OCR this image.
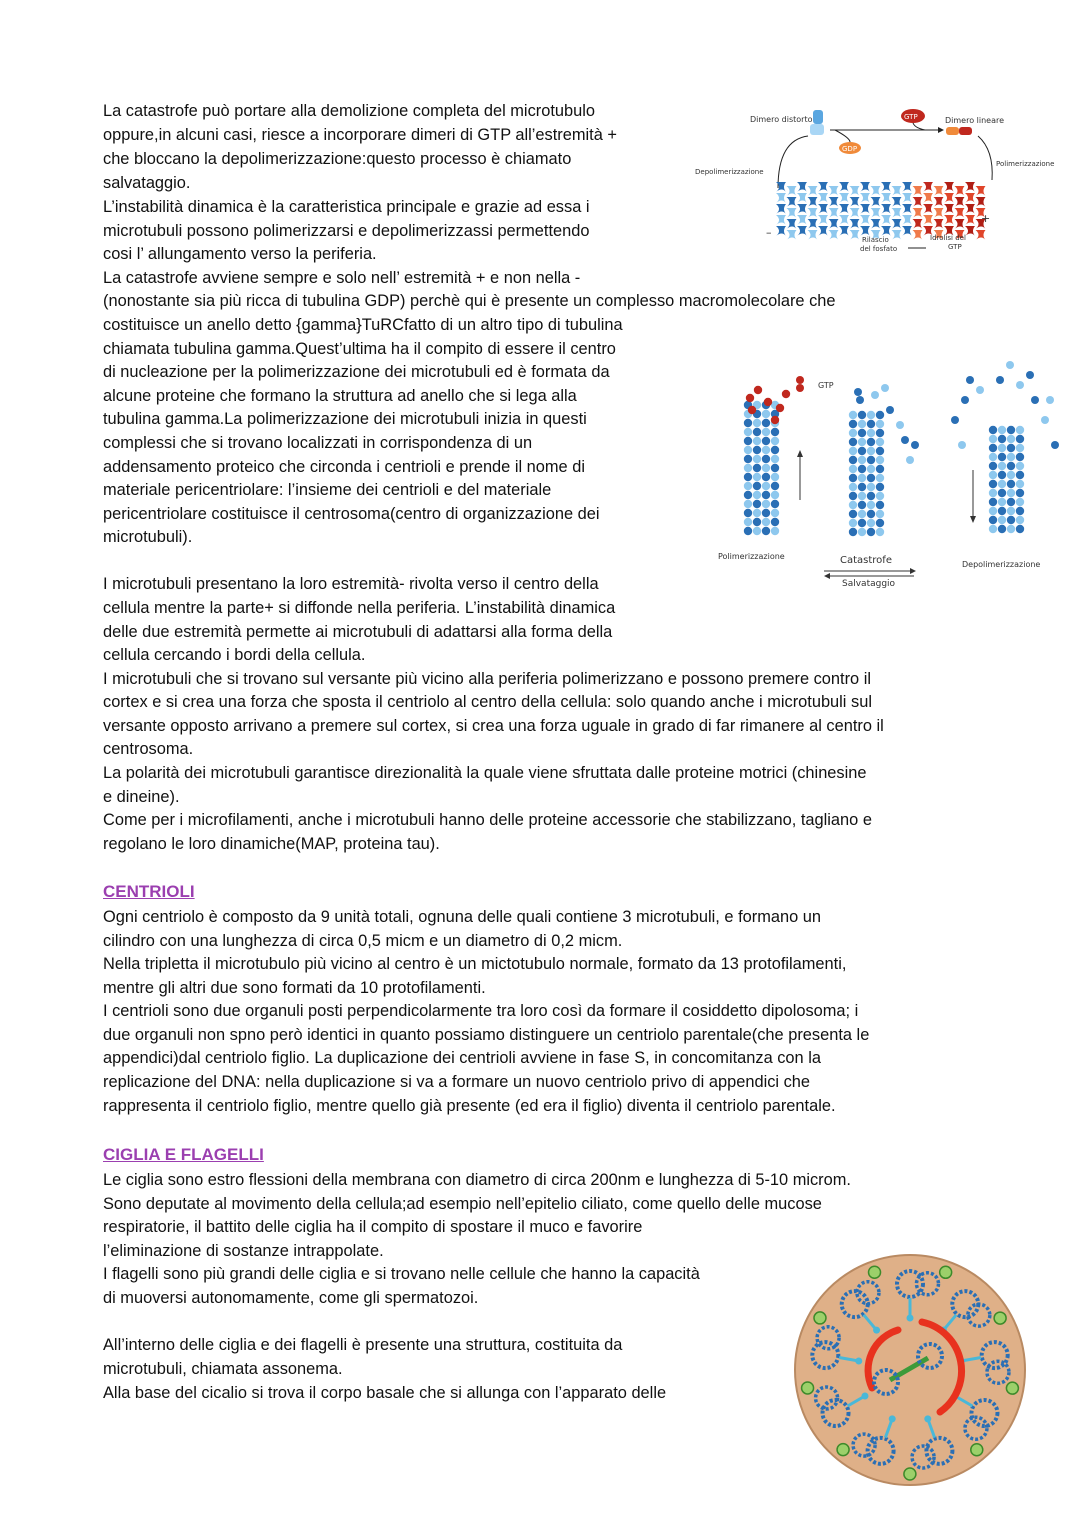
La catastrofe può portare alla demolizione completa del microtubulo
oppure,in alcuni casi, riesce a incorporare dimeri di GTP all’estremità +
che bloccano la depolimerizzazione:questo processo è chiamato
salvataggio.
L’instabilità dinamica è la caratteristica principale e grazie ad essa i
microtubuli possono polimerizzarsi e depolimerizzassi permettendo
cosi l’ allungamento verso la periferia.
La catastrofe avviene sempre e solo nell’ estremità + e non nella -
(nonostante sia più ricca di tubulina GDP) perchè qui è presente un complesso macromolecolare che
costituisce un anello detto {gamma}TuRCfatto di un altro tipo di tubulina
chiamata tubulina gamma.Quest’ultima ha il compito di essere il centro
di nucleazione per la polimerizzazione dei microtubuli ed è formata da
alcune proteine che formano la struttura ad anello che si lega alla
tubulina gamma.La polimerizzazione dei microtubuli inizia in questi
complessi che si trovano localizzati in corrispondenza di un
addensamento proteico che circonda i centrioli e prende il nome di
materiale pericentriolare: l’insieme dei centrioli e del materiale
pericentriolare costituisce il centrosoma(centro di organizzazione dei
microtubuli).
I microtubuli presentano la loro estremità- rivolta verso il centro della
cellula mentre la parte+ si diffonde nella periferia. L’instabilità dinamica
delle due estremità permette ai microtubuli di adattarsi alla forma della
cellula cercando i bordi della cellula.
I microtubuli che si trovano sul versante più vicino alla periferia polimerizzano e possono premere contro il
cortex e si crea una forza che sposta il centriolo al centro della cellula: solo quando anche i microtubuli sul
versante opposto arrivano a premere sul cortex, si crea una forza uguale in grado di far rimanere al centro il
centrosoma.
La polarità dei microtubuli garantisce direzionalità la quale viene sfruttata dalle proteine motrici (chinesine
e dineine).
Come per i microfilamenti, anche i microtubuli hanno delle proteine accessorie che stabilizzano, tagliano e
regolano le loro dinamiche(MAP, proteina tau).
CENTRIOLI
Ogni centriolo è composto da 9 unità totali, ognuna delle quali contiene 3 microtubuli, e formano un
cilindro con una lunghezza di circa 0,5 micm e un diametro di 0,2 micm.
Nella tripletta il microtubulo più vicino al centro è un mictotubulo normale, formato da 13 protofilamenti,
mentre gli altri due sono formati da 10 protofilamenti.
I centrioli sono due organuli posti perpendicolarmente tra loro così da formare il cosiddetto dipolosoma; i
due organuli non spno però identici in quanto possiamo distinguere un centriolo parentale(che presenta le
appendici)dal centriolo figlio. La duplicazione dei centrioli avviene in fase S, in concomitanza con la
replicazione del DNA: nella duplicazione si va a formare un nuovo centriolo privo di appendici che
rappresenta il centriolo figlio, mentre quello già presente (ed era il figlio) diventa il centriolo parentale.
CIGLIA E FLAGELLI
Le ciglia sono estro flessioni della membrana con diametro di circa 200nm e lunghezza di 5-10 microm.
Sono deputate al movimento della cellula;ad esempio nell’epitelio ciliato, come quello delle mucose
respiratorie, il battito delle ciglia ha il compito di spostare il muco e favorire
l’eliminazione di sostanze intrappolate.
I flagelli sono più grandi delle ciglia e si trovano nelle cellule che hanno la capacità
di muoversi autonomamente, come gli spermatozoi.
All’interno delle ciglia e dei flagelli è presente una struttura, costituita da
microtubuli, chiamata assonema.
Alla base del cicalio si trova il corpo basale che si allunga con l’apparato delle
Dimero distorto
GDP
GTP	Dimero lineare
Depolimerizzazione
Polimerizzazione
–
+
Rilascio
del fosfato
Idrolisi del
GTP
GTP
Polimerizzazione	Catastrofe
Salvataggio
Depolimerizzazione
